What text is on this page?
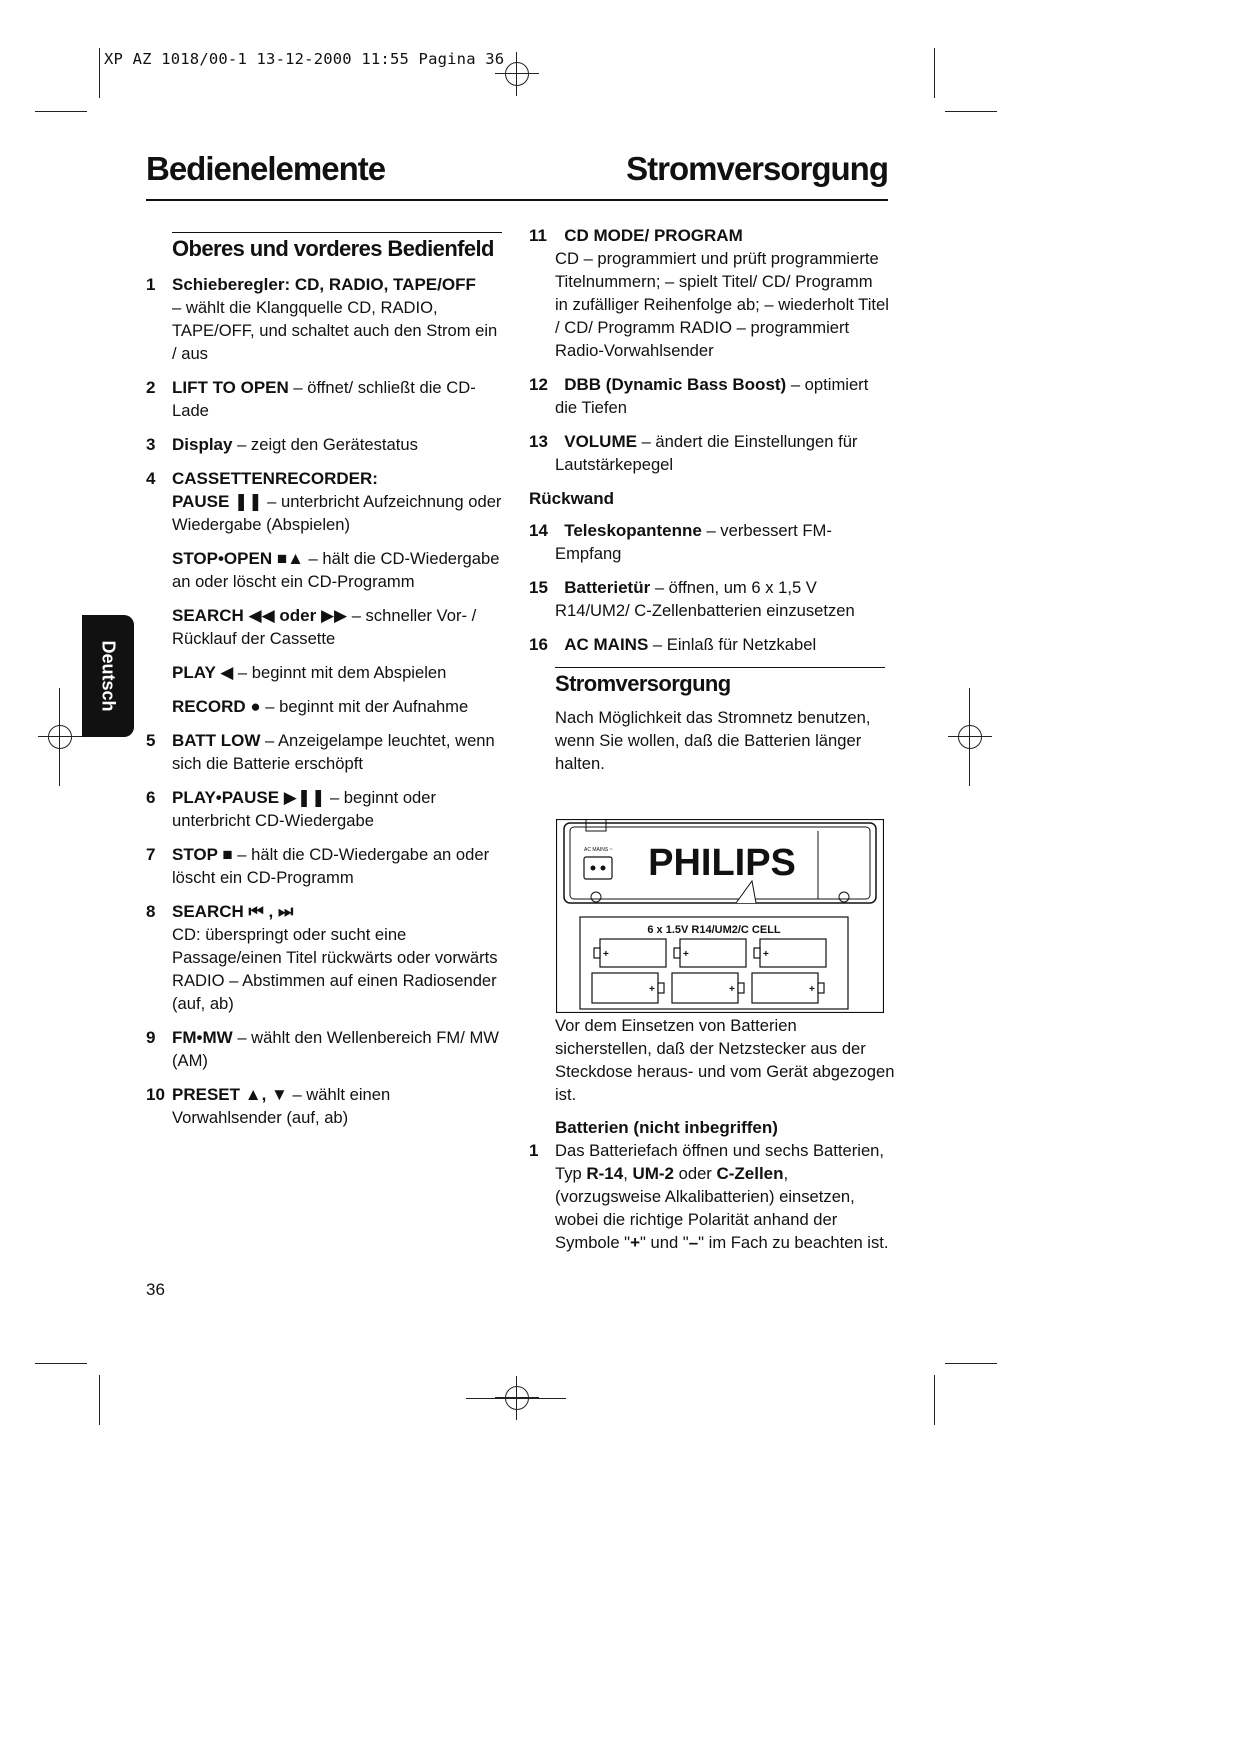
XP AZ 1018/00-1 13-12-2000 11:55 Pagina 36
Bedienelemente	Stromversorgung
Deutsch
Oberes und vorderes Bedienfeld
1 Schieberegler: CD, RADIO, TAPE/OFF
– wählt die Klangquelle CD, RADIO, TAPE/OFF, und schaltet auch den Strom ein / aus
2 LIFT TO OPEN – öffnet/ schließt die CD-Lade
3 Display – zeigt den Gerätestatus
4 CASSETTENRECORDER:
PAUSE ❚❚ – unterbricht Aufzeichnung oder Wiedergabe (Abspielen)
STOP•OPEN ■▲ – hält die CD-Wiedergabe an oder löscht ein CD-Programm
SEARCH ◀◀ oder ▶▶ – schneller Vor- / Rücklauf der Cassette
PLAY ◀ – beginnt mit dem Abspielen
RECORD ● – beginnt mit der Aufnahme
5 BATT LOW – Anzeigelampe leuchtet, wenn sich die Batterie erschöpft
6 PLAY•PAUSE ▶❚❚ – beginnt oder unterbricht CD-Wiedergabe
7 STOP ■ – hält die CD-Wiedergabe an oder löscht ein CD-Programm
8 SEARCH ⏮ , ⏭
CD: überspringt oder sucht eine Passage/einen Titel rückwärts oder vorwärts RADIO – Abstimmen auf einen Radiosender (auf, ab)
9 FM•MW – wählt den Wellenbereich FM/ MW (AM)
10 PRESET ▲, ▼ – wählt einen Vorwahlsender (auf, ab)
11 CD MODE/ PROGRAM
CD – programmiert und prüft programmierte Titelnummern; – spielt Titel/ CD/ Programm in zufälliger Reihenfolge ab; – wiederholt Titel / CD/ Programm RADIO – programmiert Radio-Vorwahlsender
12 DBB (Dynamic Bass Boost) – optimiert die Tiefen
13 VOLUME – ändert die Einstellungen für Lautstärkepegel
Rückwand
14 Teleskopantenne – verbessert FM-Empfang
15 Batterietür – öffnen, um 6 x 1,5 V R14/UM2/ C-Zellenbatterien einzusetzen
16 AC MAINS – Einlaß für Netzkabel
Stromversorgung

Nach Möglichkeit das Stromnetz benutzen, wenn Sie wollen, daß die Batterien länger halten.

AC MAINS ~ PHILIPS
6 x 1.5V R14/UM2/C CELL
+	+	+
+	+	+

Vor dem Einsetzen von Batterien sicherstellen, daß der Netzstecker aus der Steckdose heraus- und vom Gerät abgezogen ist.

Batterien (nicht inbegriffen)
1 Das Batteriefach öffnen und sechs Batterien, Typ R-14, UM-2 oder C-Zellen, (vorzugsweise Alkalibatterien) einsetzen, wobei die richtige Polarität anhand der Symbole "+" und "–" im Fach zu beachten ist.
36
